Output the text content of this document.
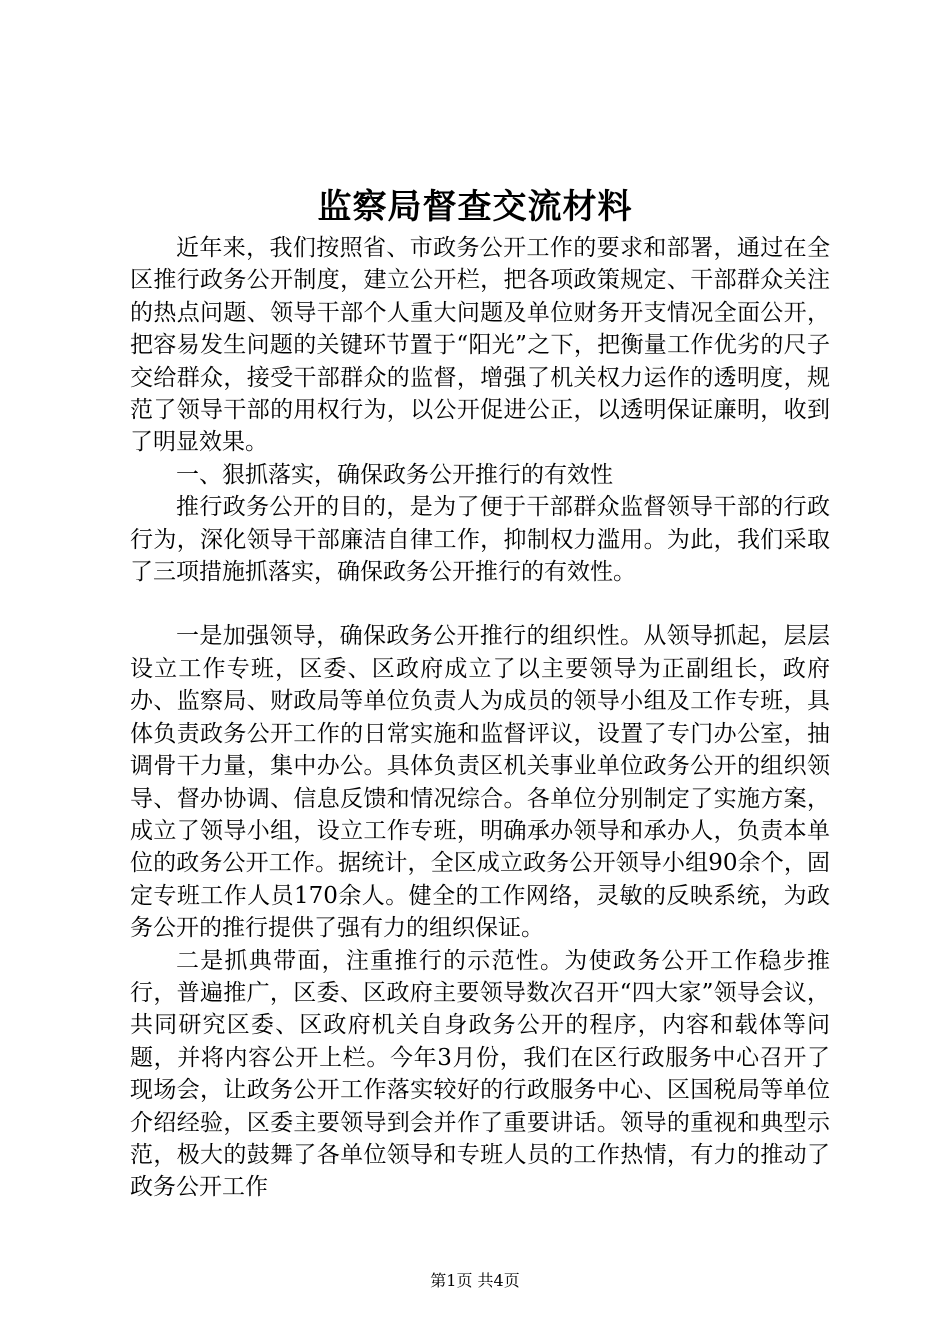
监察局督查交流材料

近年来，我们按照省、市政务公开工作的要求和部署，通过在全区推行政务公开制度，建立公开栏，把各项政策规定、干部群众关注的热点问题、领导干部个人重大问题及单位财务开支情况全面公开，把容易发生问题的关键环节置于“阳光”之下，把衡量工作优劣的尺子交给群众，接受干部群众的监督，增强了机关权力运作的透明度，规范了领导干部的用权行为，以公开促进公正，以透明保证廉明，收到了明显效果。

一、狠抓落实，确保政务公开推行的有效性

推行政务公开的目的，是为了便于干部群众监督领导干部的行政行为，深化领导干部廉洁自律工作，抑制权力滥用。为此，我们采取了三项措施抓落实，确保政务公开推行的有效性。

一是加强领导，确保政务公开推行的组织性。从领导抓起，层层设立工作专班，区委、区政府成立了以主要领导为正副组长，政府办、监察局、财政局等单位负责人为成员的领导小组及工作专班，具体负责政务公开工作的日常实施和监督评议，设置了专门办公室，抽调骨干力量，集中办公。具体负责区机关事业单位政务公开的组织领导、督办协调、信息反馈和情况综合。各单位分别制定了实施方案，成立了领导小组，设立工作专班，明确承办领导和承办人，负责本单位的政务公开工作。据统计，全区成立政务公开领导小组90余个，固定专班工作人员170余人。健全的工作网络，灵敏的反映系统，为政务公开的推行提供了强有力的组织保证。

二是抓典带面，注重推行的示范性。为使政务公开工作稳步推行，普遍推广，区委、区政府主要领导数次召开“四大家”领导会议，共同研究区委、区政府机关自身政务公开的程序，内容和载体等问题，并将内容公开上栏。今年3月份，我们在区行政服务中心召开了现场会，让政务公开工作落实较好的行政服务中心、区国税局等单位介绍经验，区委主要领导到会并作了重要讲话。领导的重视和典型示范，极大的鼓舞了各单位领导和专班人员的工作热情，有力的推动了政务公开工作

第1页 共4页
